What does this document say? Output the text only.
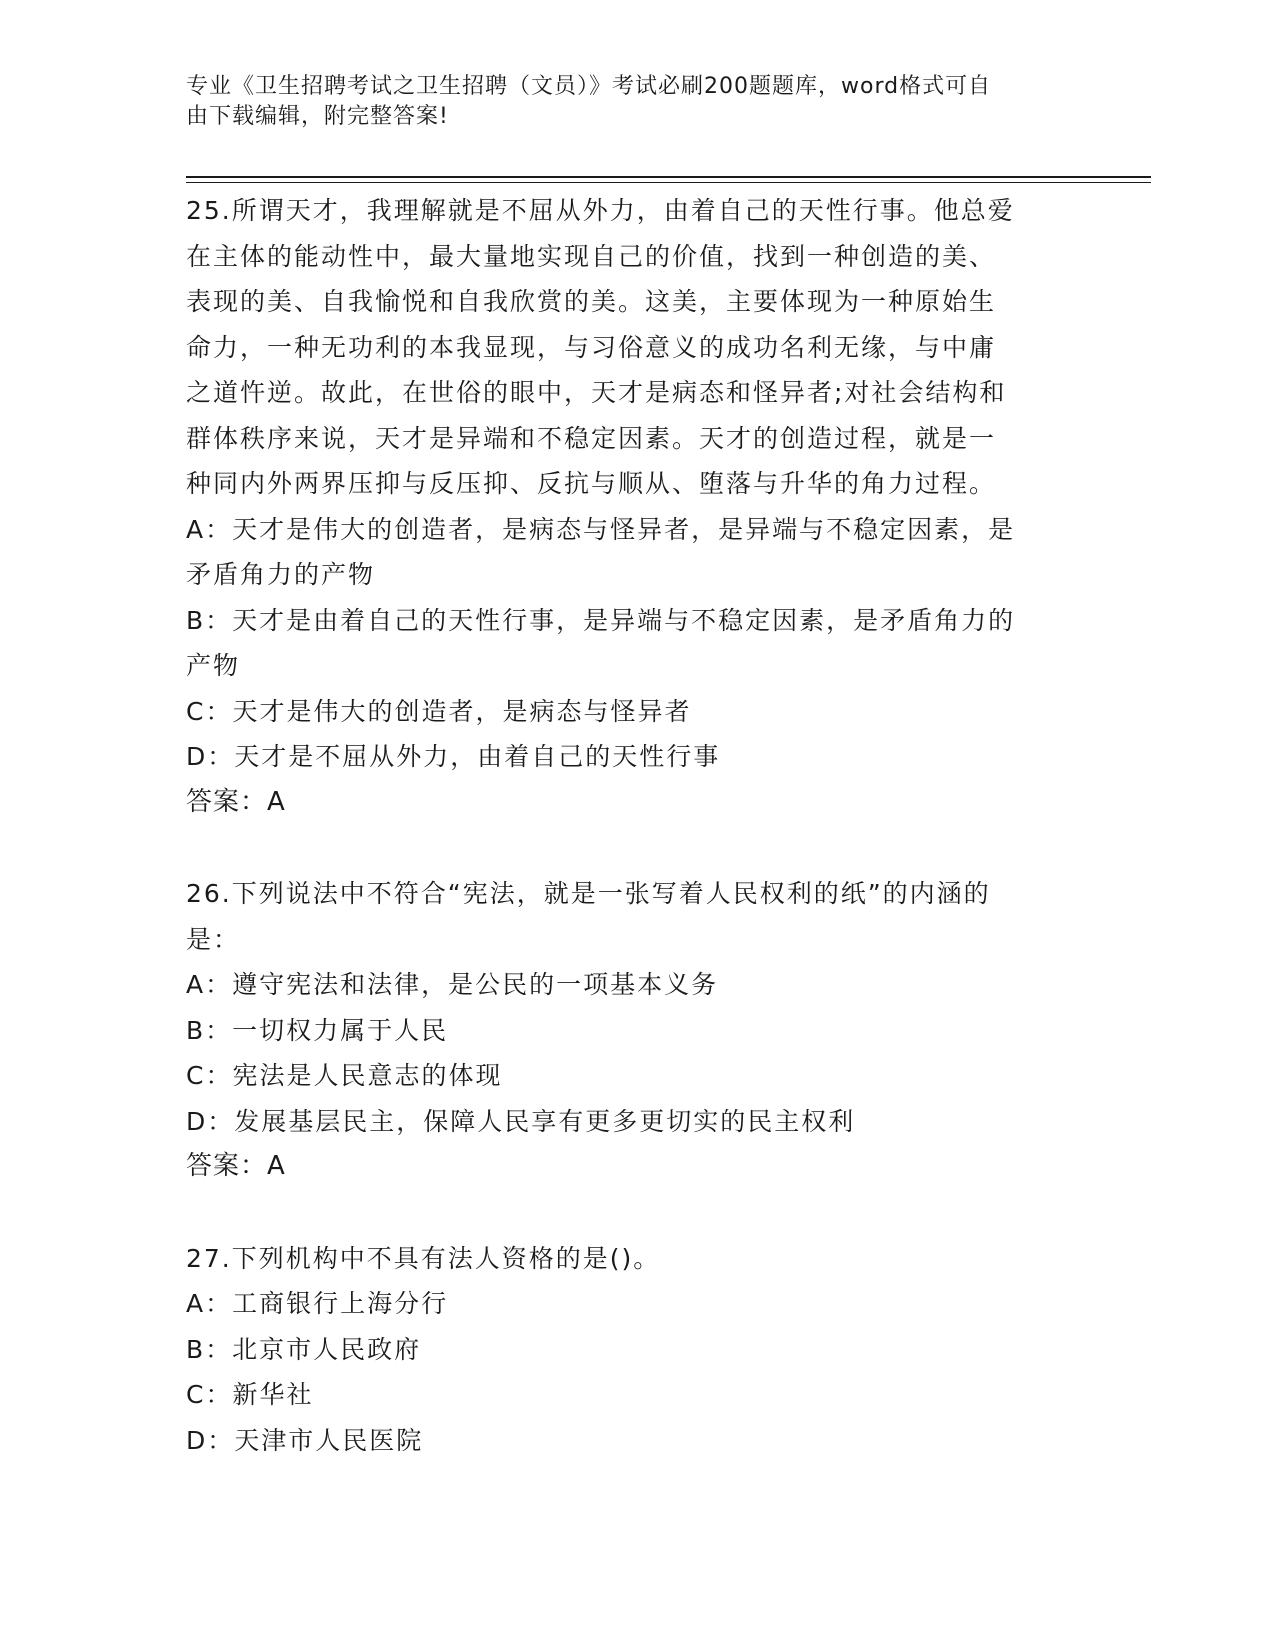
专业《卫生招聘考试之卫生招聘（文员）》考试必刷200题题库，word格式可自
由下载编辑，附完整答案!
25.所谓天才，我理解就是不屈从外力，由着自己的天性行事。他总爱
在主体的能动性中，最大量地实现自己的价值，找到一种创造的美、
表现的美、自我愉悦和自我欣赏的美。这美，主要体现为一种原始生
命力，一种无功利的本我显现，与习俗意义的成功名利无缘，与中庸
之道忤逆。故此，在世俗的眼中，天才是病态和怪异者;对社会结构和
群体秩序来说，天才是异端和不稳定因素。天才的创造过程，就是一
种同内外两界压抑与反压抑、反抗与顺从、堕落与升华的角力过程。
A：天才是伟大的创造者，是病态与怪异者，是异端与不稳定因素，是
矛盾角力的产物
B：天才是由着自己的天性行事，是异端与不稳定因素，是矛盾角力的
产物
C：天才是伟大的创造者，是病态与怪异者
D：天才是不屈从外力，由着自己的天性行事
答案：A
26.下列说法中不符合“宪法，就是一张写着人民权利的纸”的内涵的
是：
A：遵守宪法和法律，是公民的一项基本义务
B：一切权力属于人民
C：宪法是人民意志的体现
D：发展基层民主，保障人民享有更多更切实的民主权利
答案：A
27.下列机构中不具有法人资格的是()。
A：工商银行上海分行
B：北京市人民政府
C：新华社
D：天津市人民医院
